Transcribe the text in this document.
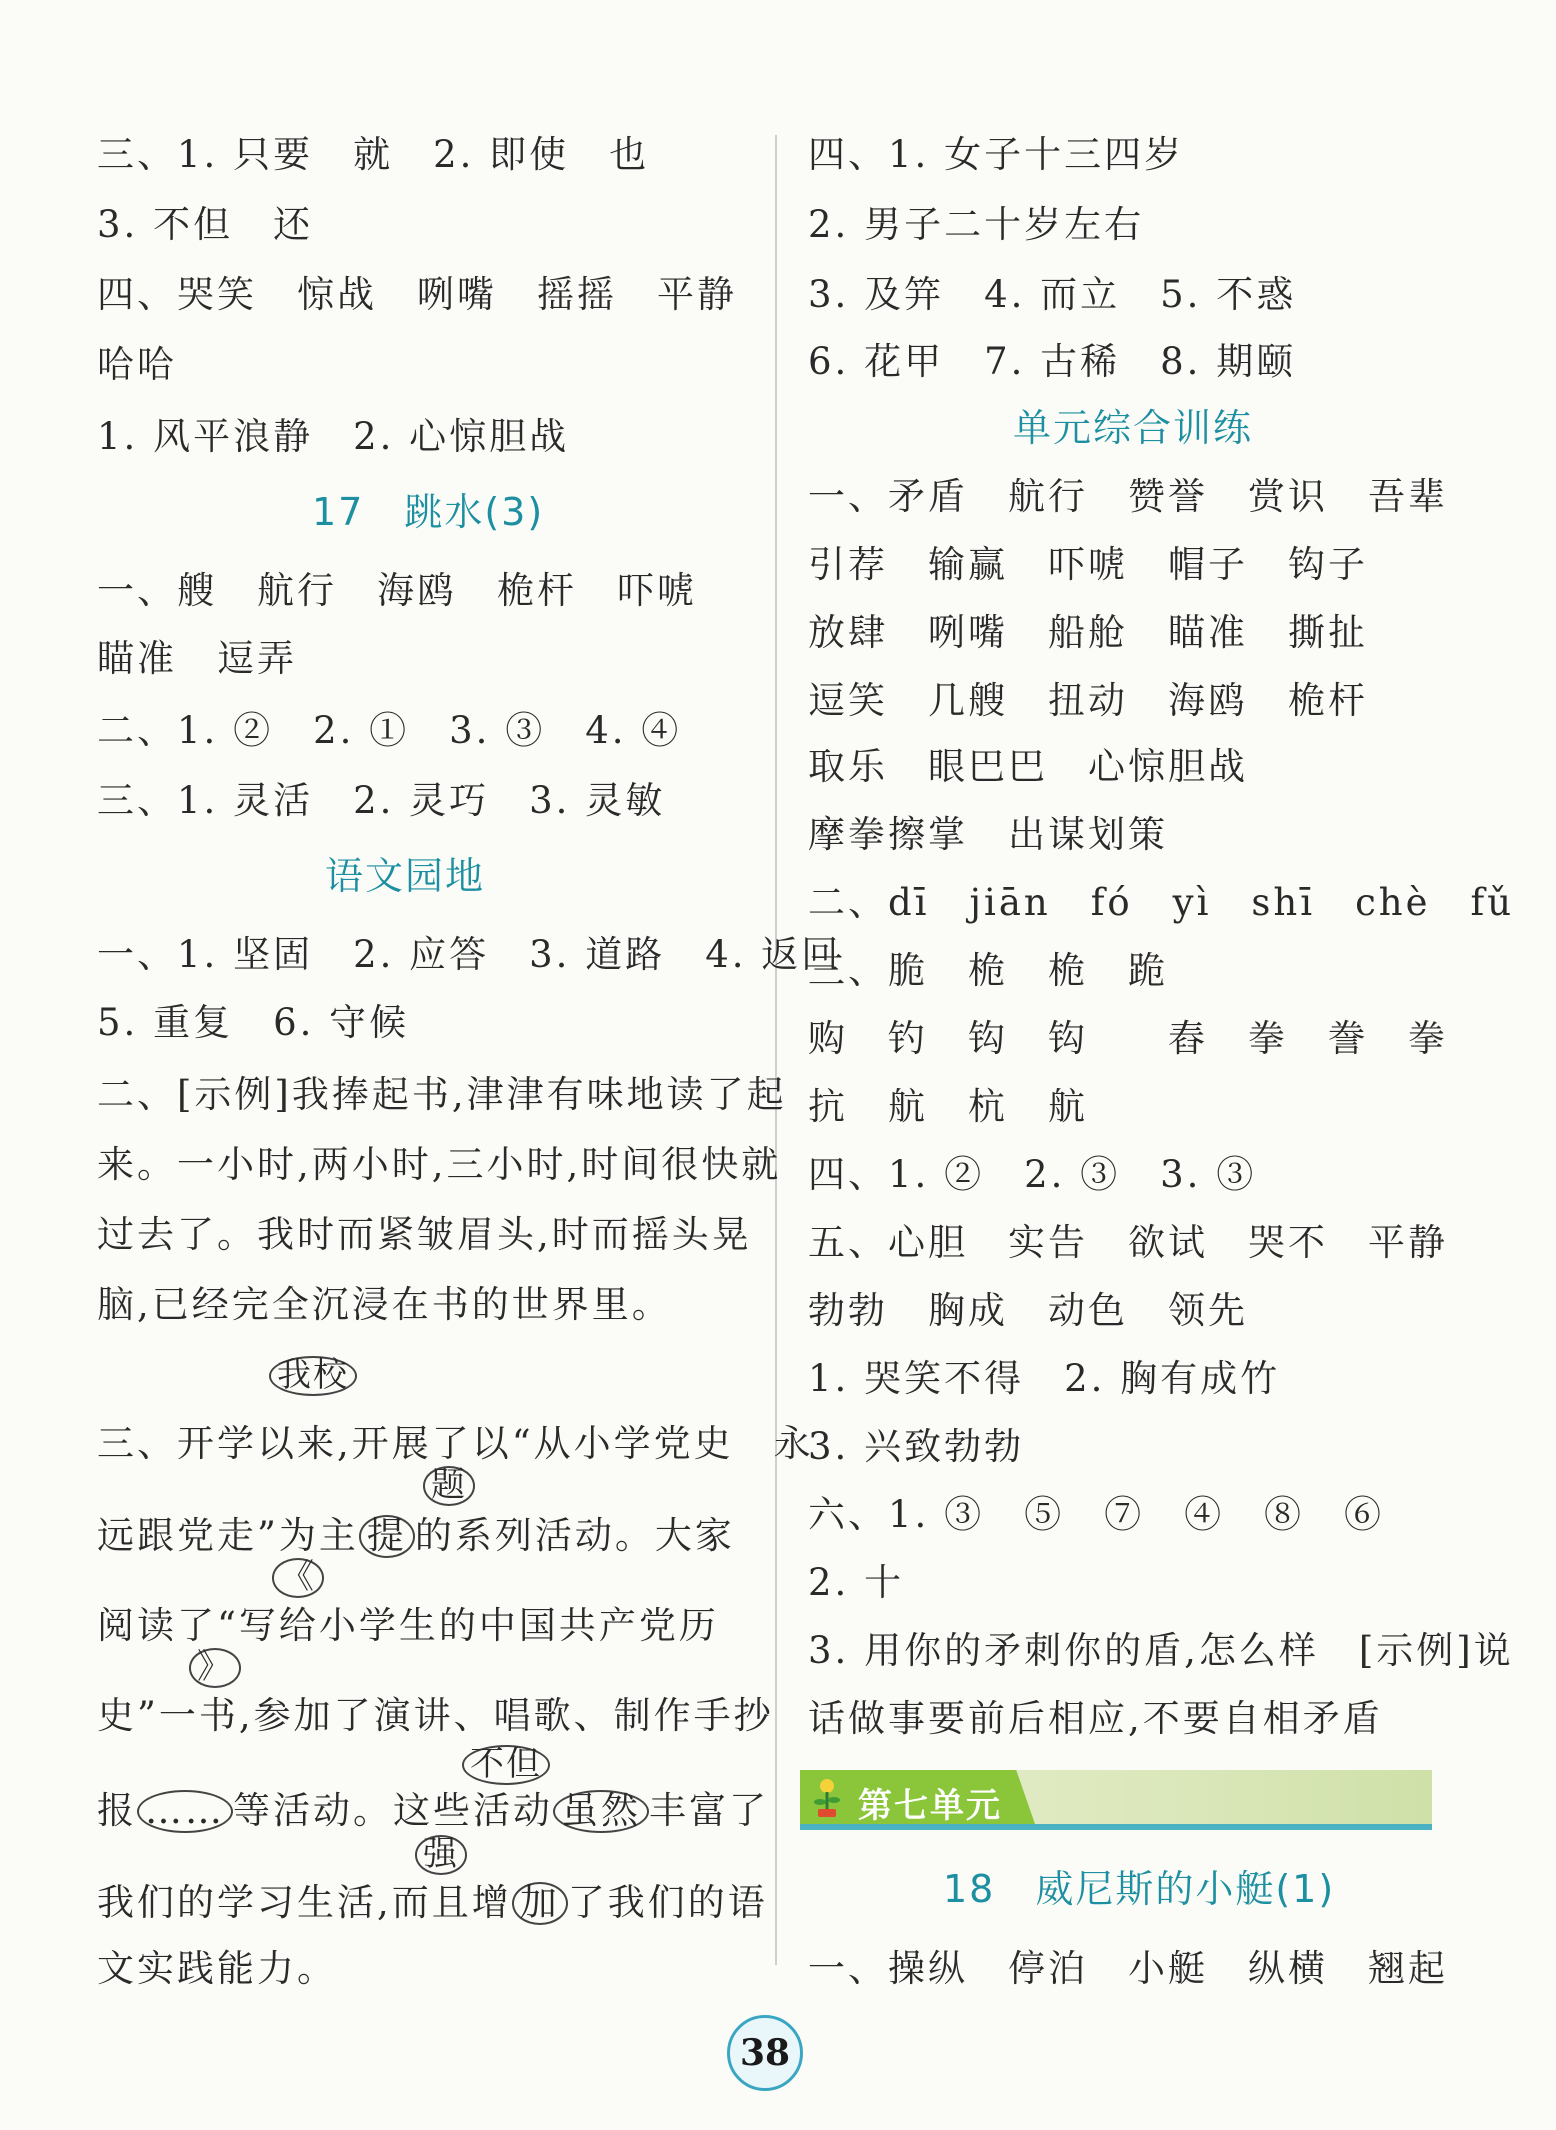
三、1. 只要　就　2. 即使　也
3. 不但　还
四、哭笑　惊战　咧嘴　摇摇　平静
哈哈
1. 风平浪静　2. 心惊胆战
17　跳水(3)
一、艘　航行　海鸥　桅杆　吓唬
瞄准　逗弄
二、1. ②　2. ①　3. ③　4. ④
三、1. 灵活　2. 灵巧　3. 灵敏
语文园地
一、1. 坚固　2. 应答　3. 道路　4. 返回
5. 重复　6. 守候
二、[示例]我捧起书,津津有味地读了起
来。一小时,两小时,三小时,时间很快就
过去了。我时而紧皱眉头,时而摇头晃
脑,已经完全沉浸在书的世界里。
我校
三、开学以来,开展了以“从小学党史　永
题
远跟党走”为主 提 的系列活动。大家
《
阅读了“写给小学生的中国共产党历
》
史”一书,参加了演讲、唱歌、制作手抄
不但
报 …… 等活动。这些活动 虽然 丰富了
强
我们的学习生活,而且增 加 了我们的语
文实践能力。
四、1. 女子十三四岁
2. 男子二十岁左右
3. 及笄　4. 而立　5. 不惑
6. 花甲　7. 古稀　8. 期颐
单元综合训练
一、矛盾　航行　赞誉　赏识　吾辈
引荐　输赢　吓唬　帽子　钩子
放肆　咧嘴　船舱　瞄准　撕扯
逗笑　几艘　扭动　海鸥　桅杆
取乐　眼巴巴　心惊胆战
摩拳擦掌　出谋划策
二、dī　jiān　fó　yì　shī　chè　fǔ
三、脆　桅　桅　跪
购　钓　钩　钩　　舂　拳　誊　拳
抗　航　杭　航
四、1. ②　2. ③　3. ③
五、心胆　实告　欲试　哭不　平静
勃勃　胸成　动色　领先
1. 哭笑不得　2. 胸有成竹
3. 兴致勃勃
六、1. ③　⑤　⑦　④　⑧　⑥
2. 十
3. 用你的矛刺你的盾,怎么样　[示例]说
话做事要前后相应,不要自相矛盾
18　威尼斯的小艇(1)
一、操纵　停泊　小艇　纵横　翘起
第七单元
38
